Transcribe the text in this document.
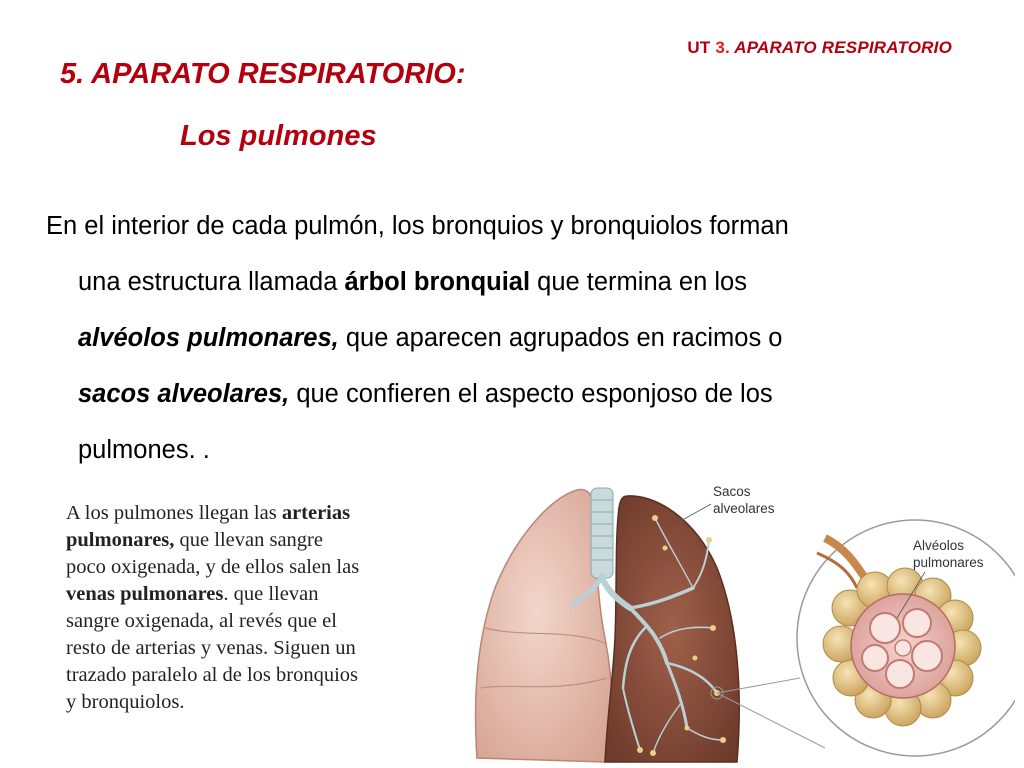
UT 3. APARATO RESPIRATORIO
5. APARATO RESPIRATORIO:
Los pulmones
En el interior de cada pulmón, los bronquios y bronquiolos forman
una estructura llamada árbol bronquial que termina en los
alvéolos pulmonares, que aparecen agrupados en racimos o
sacos alveolares, que confieren el aspecto esponjoso de los
pulmones. .
A los pulmones llegan las arterias
pulmonares, que llevan sangre
poco oxigenada, y de ellos salen las
venas pulmonares. que llevan
sangre oxigenada, al revés que el
resto de arterias y venas. Siguen un
trazado paralelo al de los bronquios
y bronquiolos.
Sacos
alveolares
Alvéolos
pulmonares
